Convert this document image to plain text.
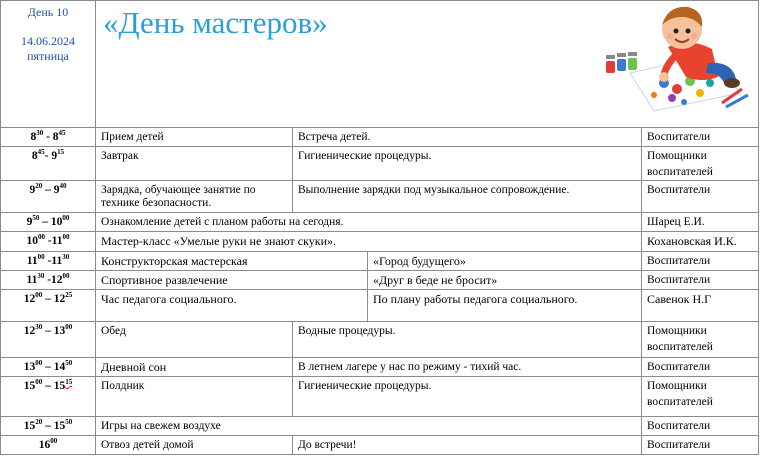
День 10
14.06.2024
пятница	«День мастеров»			

$8^{30} - 8^{45}$	Прием детей	Встреча детей.		Воспитатели
$8^{45}-$ $9^{15}$	Завтрак	Гигиенические процедуры.		Помощники воспитателей
$9^{20} - 9^{40}$	Зарядка, обучающее занятие по технике безопасности.	Выполнение зарядки под музыкальное сопровождение.		Воспитатели
$9^{50} - 10^{00}$	Ознакомление детей с планом работы на сегодня.			Шарец Е.И.
$10^{00}$ $-11^{00}$	Мастер-класс «Умелые руки не знают скуки».			Кохановская И.К.
$11^{00}$ $-11^{30}$	Конструкторская мастерская		«Город будущего»	Воспитатели
$11^{30}$ $-12^{00}$	Спортивное развлечение		«Друг в беде не бросит»	Воспитатели
$12^{00} - 12^{25}$	Час педагога социального.		По плану работы педагога социального.	Савенок Н.Г
$12^{30} - 13^{00}$	Обед	Водные процедуры.		Помощники воспитателей
$13^{00} - 14^{50}$	Дневной сон	В летнем лагере у нас по режиму - тихий час.		Воспитатели
$15^{00} - 15^{15}$	Полдник	Гигиенические процедуры.		Помощники воспитателей
$15^{20} - 15^{50}$	Игры на свежем воздухе			Воспитатели
$16^{00}$	Отвоз детей домой	До встречи!		Воспитатели
